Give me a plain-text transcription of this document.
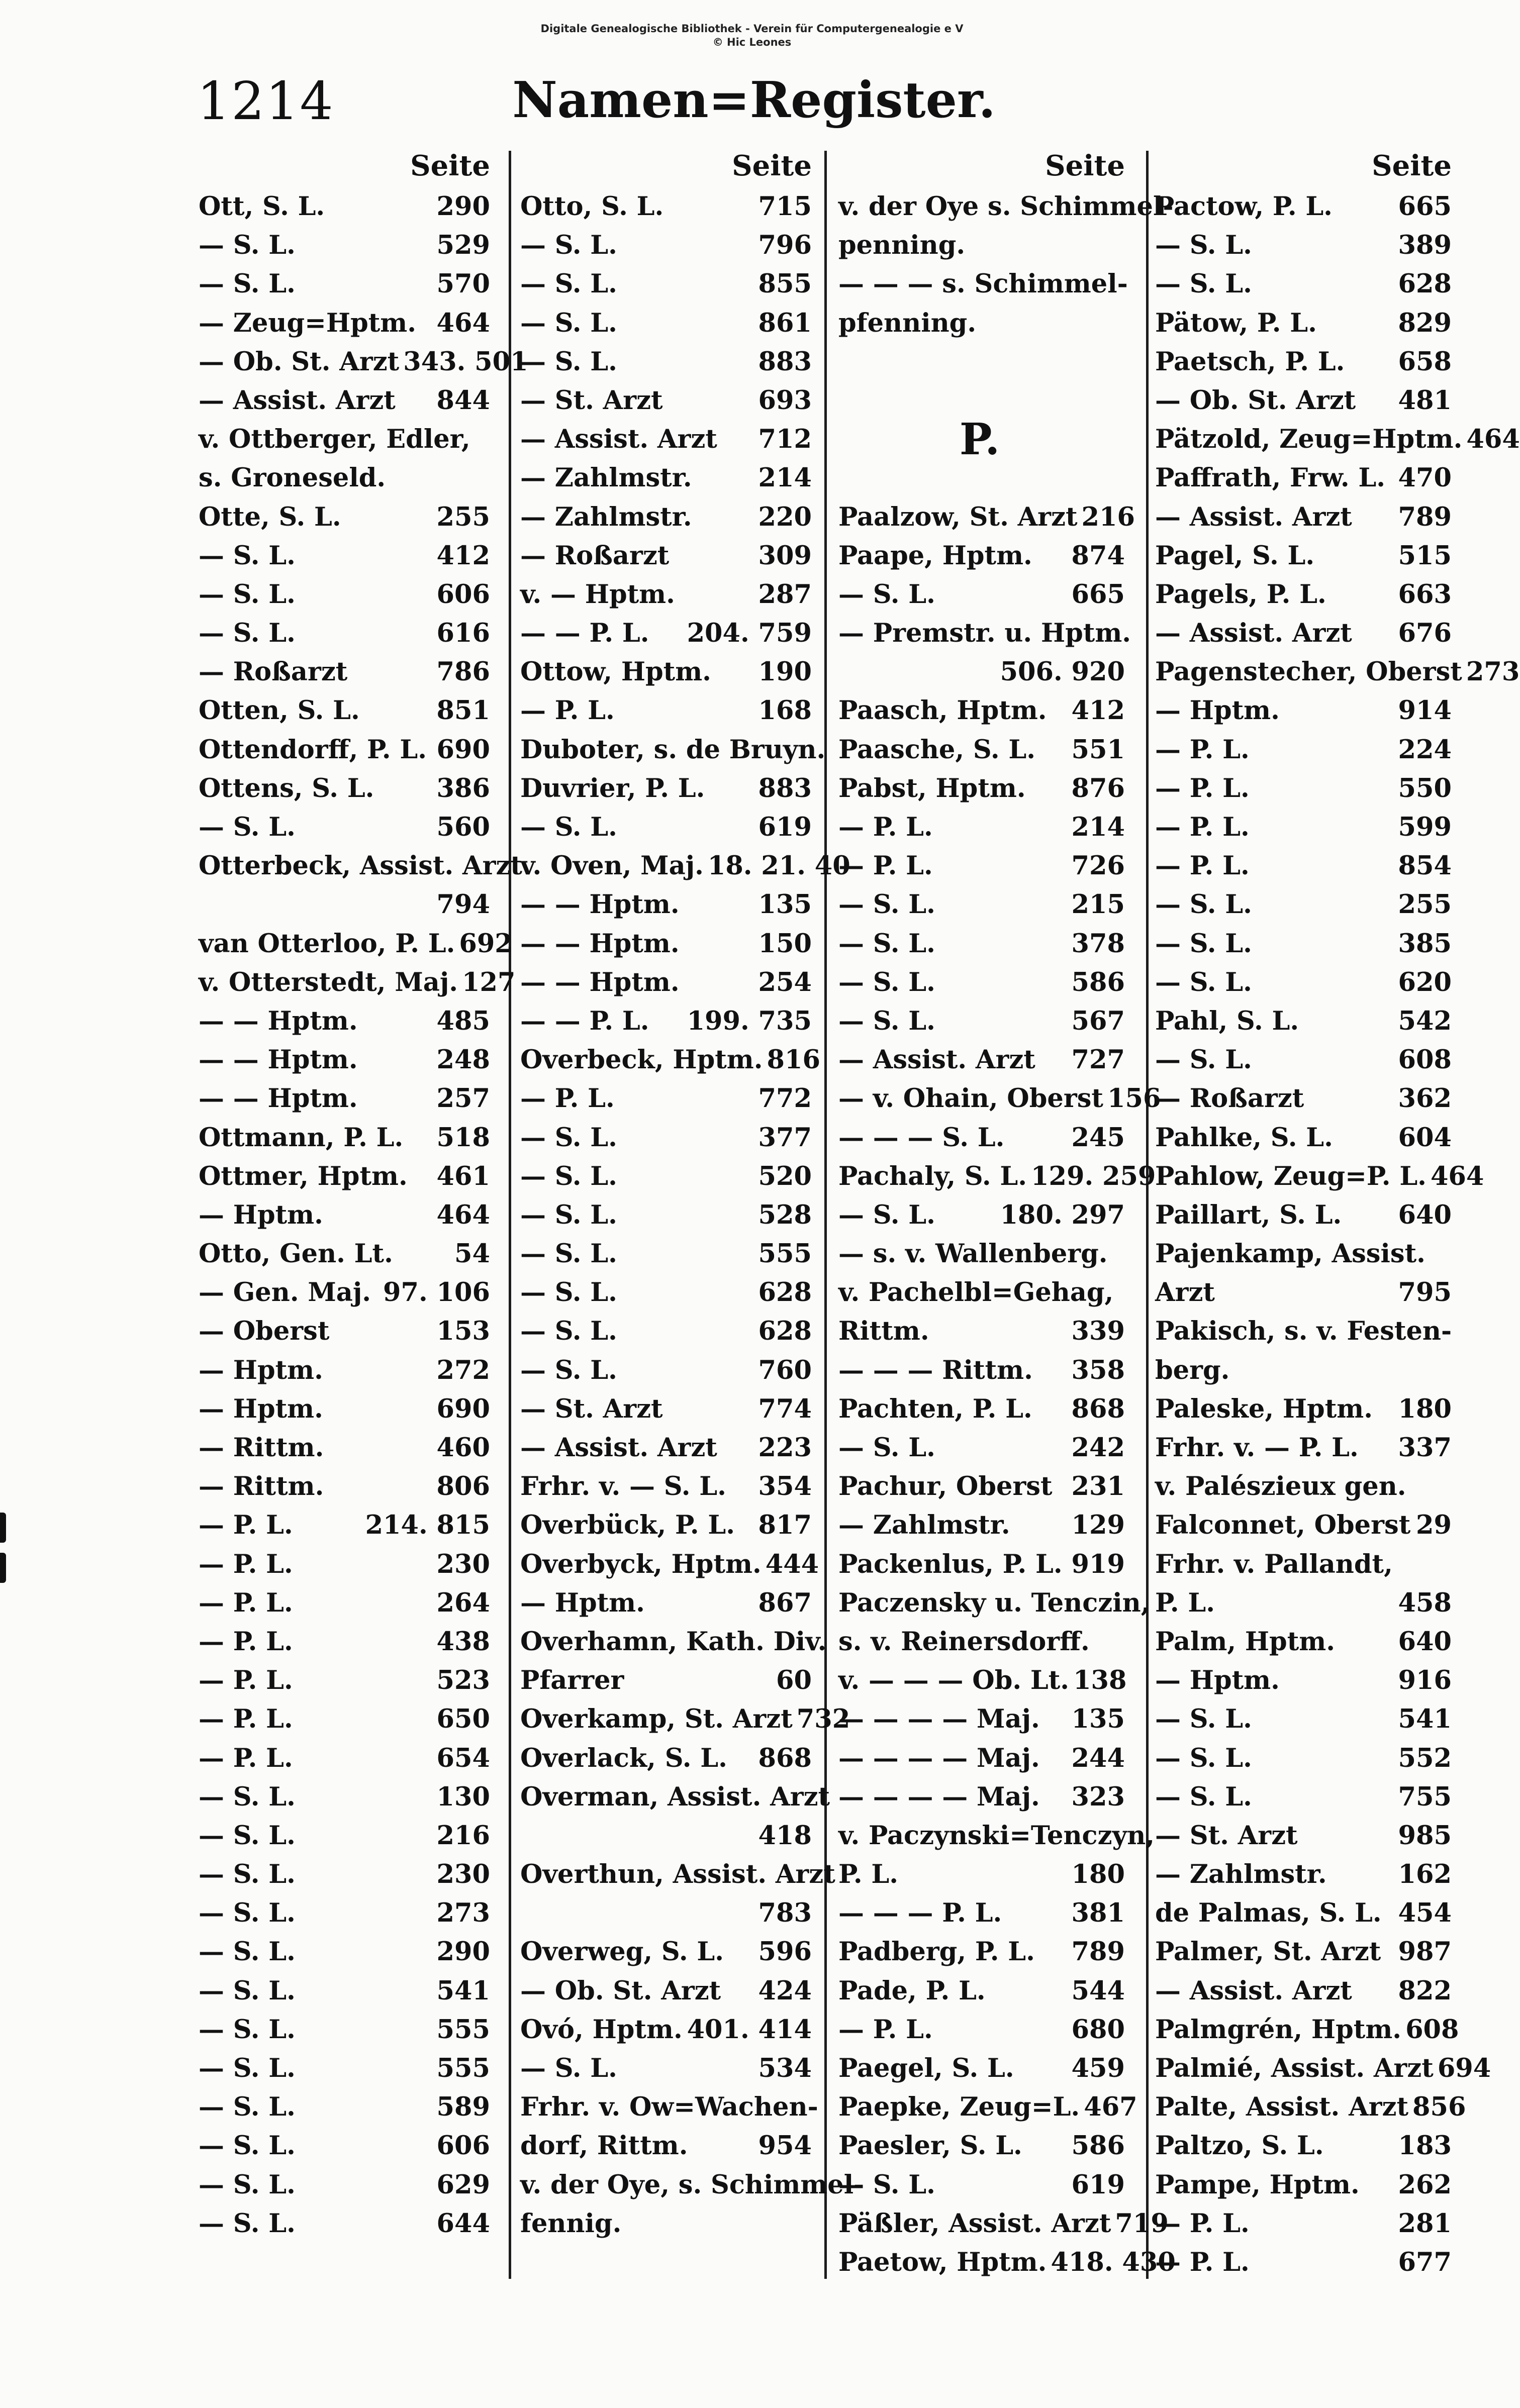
Digitale Genealogische Bibliothek - Verein für Computergenealogie e V
© Hic Leones
1214	Namen=Register.
Seite
Ott, S. L.	290
— S. L.	529
— S. L.	570
— Zeug=Hptm. 464
— Ob. St. Arzt 343. 501
— Assist. Arzt 844
v. Ottberger, Edler,
s. Groneseld.
Otte, S. L.	255
— S. L.	412
— S. L.	606
— S. L.	616
— Roßarzt	786
Otten, S. L.	851
Ottendorff, P. L. 690
Ottens, S. L. 386
— S. L.	560
Otterbeck, Assist. Arzt
794
van Otterloo, P. L. 692
v. Otterstedt, Maj. 127
— — Hptm.	485
— — Hptm.	248
— — Hptm.	257
Ottmann, P. L. 518
Ottmer, Hptm. 461
— Hptm.	464
Otto, Gen. Lt. 54
— Gen. Maj. 97. 106
— Oberst	153
— Hptm.	272
— Hptm.	690
— Rittm.	460
— Rittm.	806
— P. L.	214. 815
— P. L.	230
— P. L.	264
— P. L.	438
— P. L.	523
— P. L.	650
— P. L.	654
— S. L.	130
— S. L.	216
— S. L.	230
— S. L.	273
— S. L.	290
— S. L.	541
— S. L.	555
— S. L.	555
— S. L.	589
— S. L.	606
— S. L.	629
— S. L.	644
Seite
Otto, S. L.	715
— S. L.	796
— S. L.	855
— S. L.	861
— S. L.	883
— St. Arzt	693
— Assist. Arzt 712
— Zahlmstr.	214
— Zahlmstr.	220
— Roßarzt	309
v. — Hptm.	287
— — P. L. 204. 759
Ottow, Hptm. 190
— P. L.	168
Duboter, s. de Bruyn.
Duvrier, P. L. 883
— S. L.	619
v. Oven, Maj. 18. 21. 40
— — Hptm.	135
— — Hptm.	150
— — Hptm.	254
— — P. L. 199. 735
Overbeck, Hptm. 816
— P. L.	772
— S. L.	377
— S. L.	520
— S. L.	528
— S. L.	555
— S. L.	628
— S. L.	628
— S. L.	760
— St. Arzt	774
— Assist. Arzt 223
Frhr. v. — S. L. 354
Overbück, P. L. 817
Overbyck, Hptm. 444
— Hptm.	867
Overhamn, Kath. Div.
Pfarrer	60
Overkamp, St. Arzt 732
Overlack, S. L. 868
Overman, Assist. Arzt
418
Overthun, Assist. Arzt
783
Overweg, S. L. 596
— Ob. St. Arzt 424
Ovó, Hptm. 401. 414
— S. L.	534
Frhr. v. Ow=Wachen-
dorf, Rittm.	954
v. der Oye, s. Schimmel-
fennig.
Seite
v. der Oye s. Schimmel-
penning.
— — — s. Schimmel-
pfenning.
P.
Paalzow, St. Arzt 216
Paape, Hptm. 874
— S. L.	665
— Premstr. u. Hptm.
506. 920
Paasch, Hptm. 412
Paasche, S. L. 551
Pabst, Hptm. 876
— P. L.	214
— P. L.	726
— S. L.	215
— S. L.	378
— S. L.	586
— S. L.	567
— Assist. Arzt 727
— v. Ohain, Oberst 156
— — — S. L.	245
Pachaly, S. L. 129. 259
— S. L.	180. 297
— s. v. Wallenberg.
v. Pachelbl=Gehag,
Rittm.	339
— — — Rittm. 358
Pachten, P. L. 868
— S. L.	242
Pachur, Oberst 231
— Zahlmstr. 129
Packenlus, P. L. 919
Paczensky u. Tenczin,
s. v. Reinersdorff.
v. — — — Ob. Lt. 138
— — — — Maj. 135
— — — — Maj. 244
— — — — Maj. 323
v. Paczynski=Tenczyn,
P. L.	180
— — — P. L.	381
Padberg, P. L. 789
Pade, P. L.	544
— P. L.	680
Paegel, S. L. 459
Paepke, Zeug=L. 467
Paesler, S. L. 586
— S. L.	619
Päßler, Assist. Arzt 719
Paetow, Hptm. 418. 430
Seite
Pactow, P. L.	665
— S. L.	389
— S. L.	628
Pätow, P. L.	829
Paetsch, P. L. 658
— Ob. St. Arzt 481
Pätzold, Zeug=Hptm. 464
Paffrath, Frw. L. 470
— Assist. Arzt 789
Pagel, S. L.	515
Pagels, P. L.	663
— Assist. Arzt 676
Pagenstecher, Oberst 273
— Hptm.	914
— P. L.	224
— P. L.	550
— P. L.	599
— P. L.	854
— S. L.	255
— S. L.	385
— S. L.	620
Pahl, S. L.	542
— S. L.	608
— Roßarzt	362
Pahlke, S. L.	604
Pahlow, Zeug=P. L. 464
Paillart, S. L. 640
Pajenkamp, Assist.
Arzt	795
Pakisch, s. v. Festen-
berg.
Paleske, Hptm. 180
Frhr. v. — P. L. 337
v. Palészieux gen.
Falconnet, Oberst 29
Frhr. v. Pallandt,
P. L.	458
Palm, Hptm. 640
— Hptm.	916
— S. L.	541
— S. L.	552
— S. L.	755
— St. Arzt	985
— Zahlmstr.	162
de Palmas, S. L. 454
Palmer, St. Arzt 987
— Assist. Arzt 822
Palmgrén, Hptm. 608
Palmié, Assist. Arzt 694
Palte, Assist. Arzt 856
Paltzo, S. L.	183
Pampe, Hptm. 262
— P. L.	281
— P. L.	677
